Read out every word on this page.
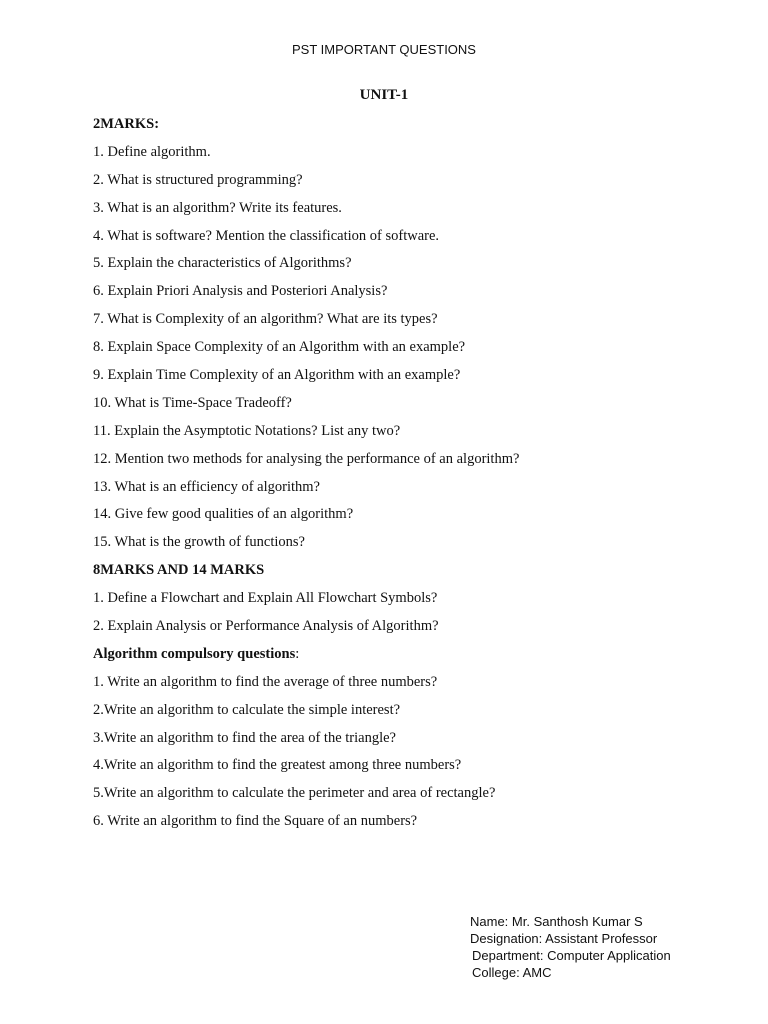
PST IMPORTANT QUESTIONS
UNIT-1
2MARKS:
1. Define algorithm.
2. What is structured programming?
3. What is an algorithm? Write its features.
4. What is software? Mention the classification of software.
5. Explain the characteristics of Algorithms?
6. Explain Priori Analysis and Posteriori Analysis?
7. What is Complexity of an algorithm? What are its types?
8. Explain Space Complexity of an Algorithm with an example?
9. Explain Time Complexity of an Algorithm with an example?
10. What is Time-Space Tradeoff?
11. Explain the Asymptotic Notations? List any two?
12. Mention two methods for analysing the performance of an algorithm?
13. What is an efficiency of algorithm?
14. Give few good qualities of an algorithm?
15. What is the growth of functions?
8MARKS AND 14 MARKS
1. Define a Flowchart and Explain All Flowchart Symbols?
2. Explain Analysis or Performance Analysis of Algorithm?
Algorithm compulsory questions:
1. Write an algorithm to find the average of three numbers?
2.Write an algorithm to calculate the simple interest?
3.Write an algorithm to find the area of the triangle?
4.Write an algorithm to find the greatest among three numbers?
5.Write an algorithm to calculate the perimeter and area of rectangle?
6. Write an algorithm to find the Square of an numbers?
Name: Mr. Santhosh Kumar S
Designation: Assistant Professor
Department: Computer Application
College: AMC
